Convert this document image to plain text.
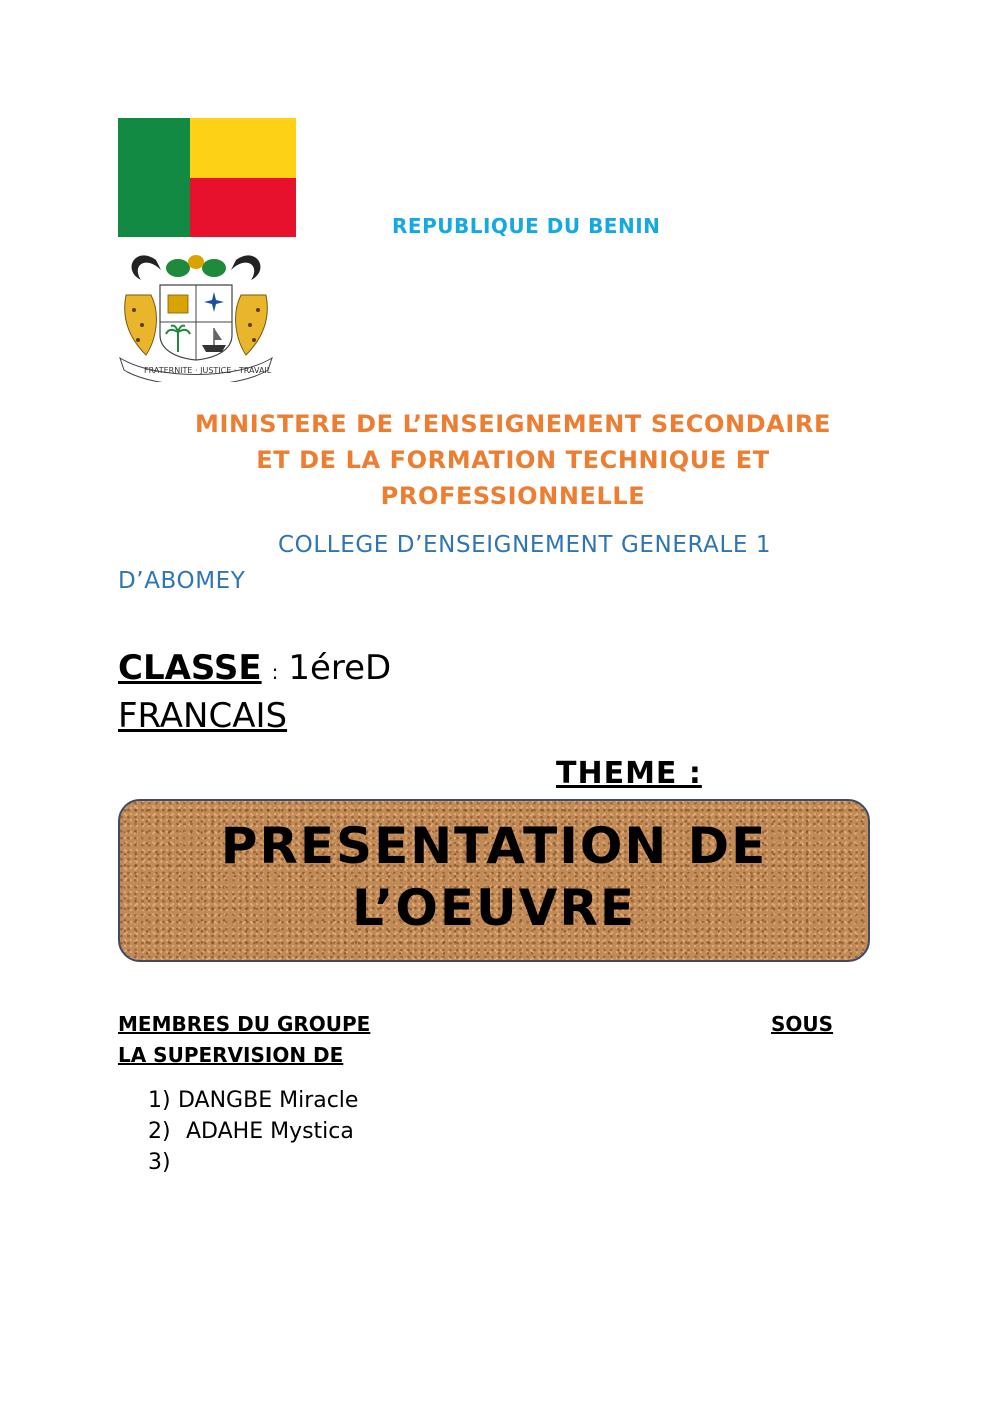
FRATERNITE · JUSTICE · TRAVAIL
REPUBLIQUE DU BENIN
MINISTERE DE L’ENSEIGNEMENT SECONDAIRE
ET DE LA FORMATION TECHNIQUE ET
PROFESSIONNELLE
COLLEGE D’ENSEIGNEMENT GENERALE 1
D’ABOMEY
CLASSE : 1éreD
FRANCAIS
THEME :
PRESENTATION DE
L’OEUVRE
MEMBRES DU GROUPE	SOUS
LA SUPERVISION DE
1) DANGBE Miracle
2) ADAHE Mystica
3)
